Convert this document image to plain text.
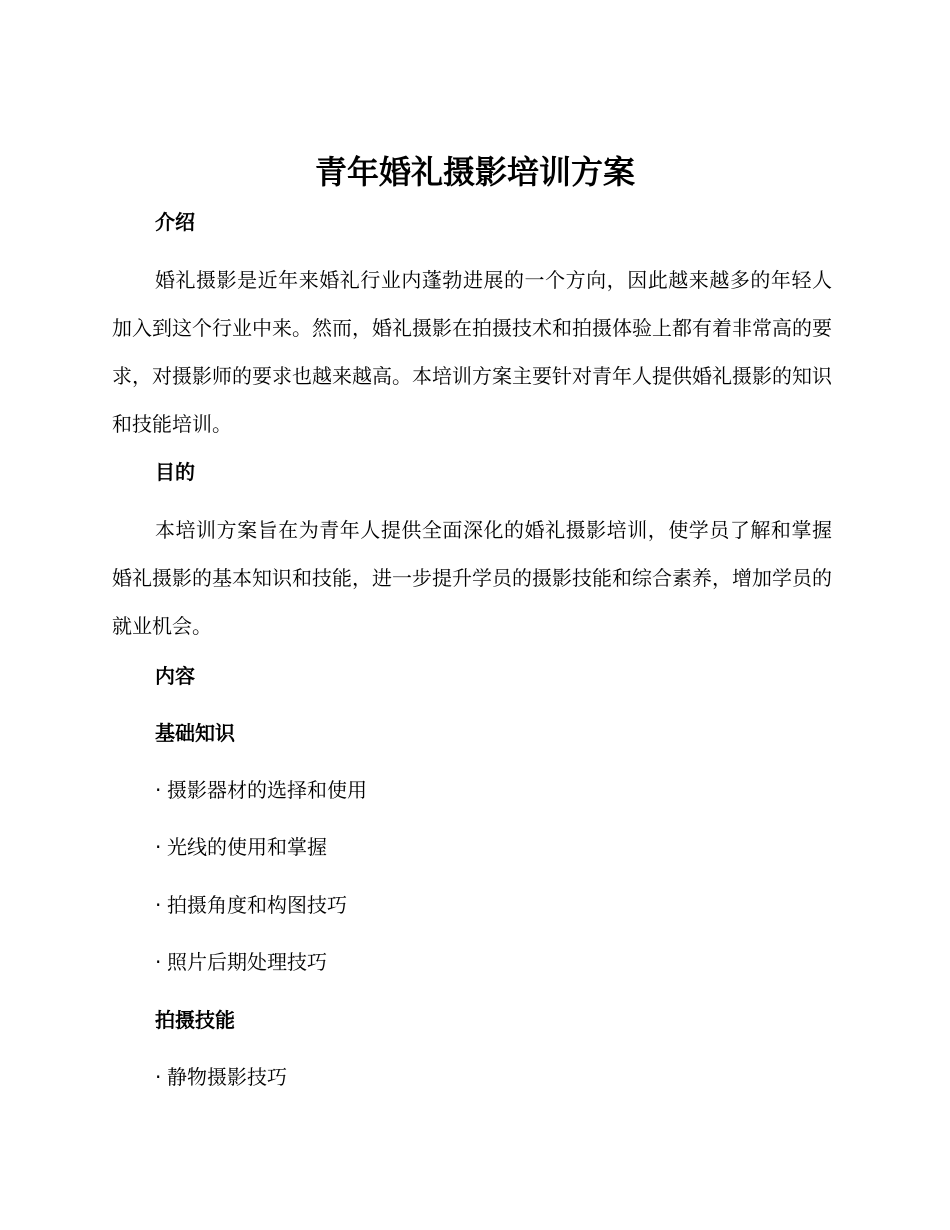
青年婚礼摄影培训方案
介绍

婚礼摄影是近年来婚礼行业内蓬勃进展的一个方向，因此越来越多的年轻人加入到这个行业中来。然而，婚礼摄影在拍摄技术和拍摄体验上都有着非常高的要求，对摄影师的要求也越来越高。本培训方案主要针对青年人提供婚礼摄影的知识和技能培训。

目的

本培训方案旨在为青年人提供全面深化的婚礼摄影培训，使学员了解和掌握婚礼摄影的基本知识和技能，进一步提升学员的摄影技能和综合素养，增加学员的就业机会。

内容
基础知识

· 摄影器材的选择和使用

· 光线的使用和掌握

· 拍摄角度和构图技巧

· 照片后期处理技巧

拍摄技能

· 静物摄影技巧
